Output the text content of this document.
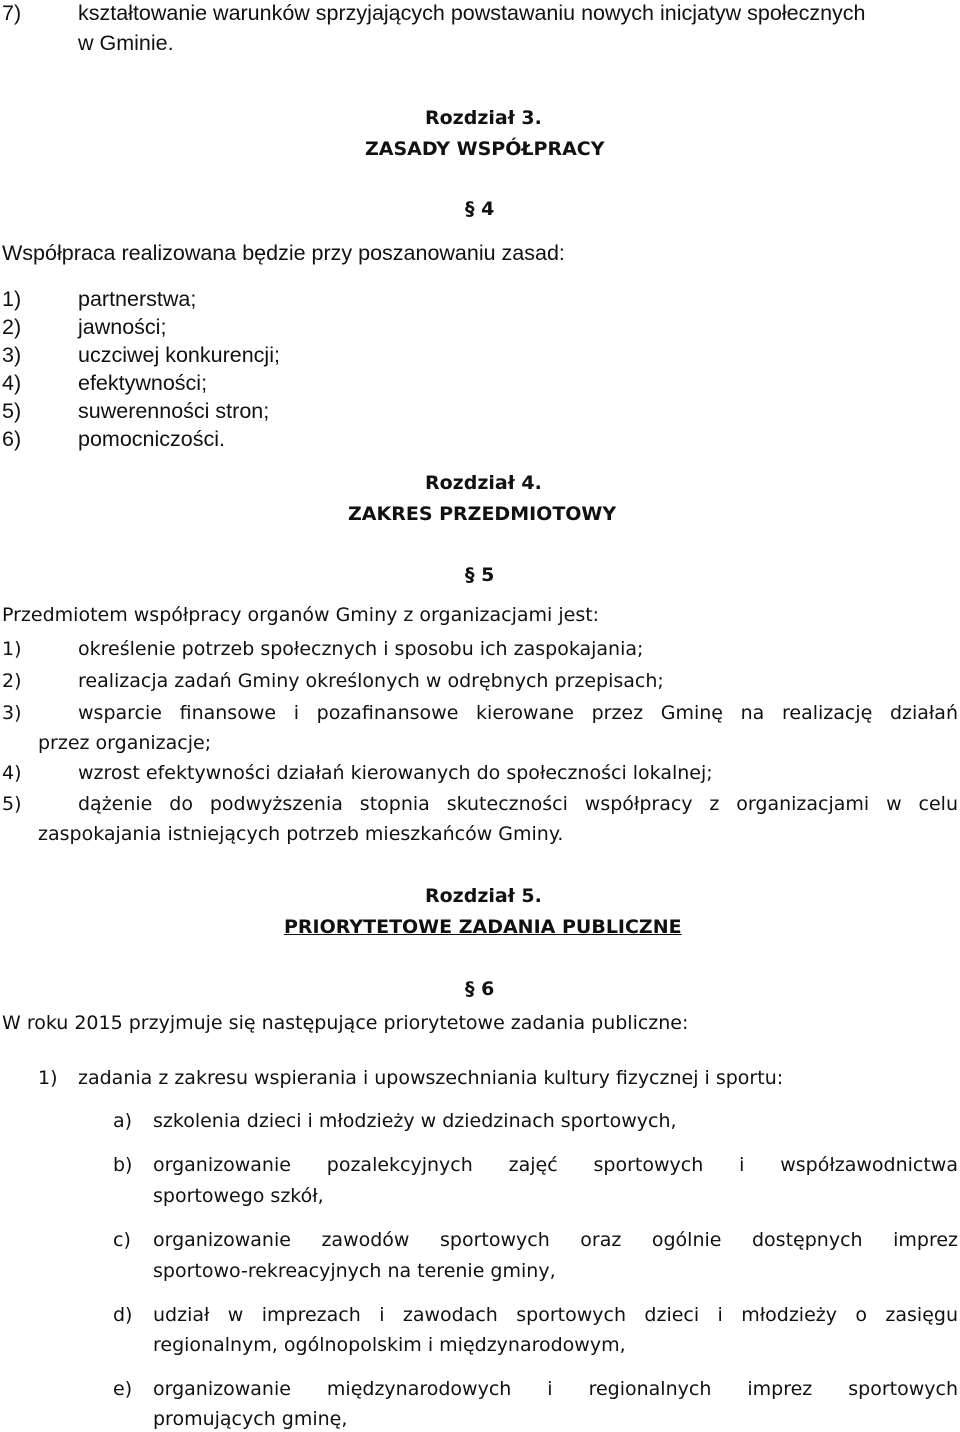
7)	kształtowanie warunków sprzyjających powstawaniu nowych inicjatyw społecznych
w Gminie.
Rozdział 3.
ZASADY WSPÓŁPRACY
§ 4
Współpraca realizowana będzie przy poszanowaniu zasad:
1)	partnerstwa;
2)	jawności;
3)	uczciwej konkurencji;
4)	efektywności;
5)	suwerenności stron;
6)	pomocniczości.
Rozdział 4.
ZAKRES PRZEDMIOTOWY
§ 5
Przedmiotem współpracy organów Gminy z organizacjami jest:
1)	określenie potrzeb społecznych i sposobu ich zaspokajania;
2)	realizacja zadań Gminy określonych w odrębnych przepisach;
3)	wsparcie finansowe i pozafinansowe kierowane przez Gminę na realizację działań
przez organizacje;
4)	wzrost efektywności działań kierowanych do społeczności lokalnej;
5)	dążenie do podwyższenia stopnia skuteczności współpracy z organizacjami w celu
zaspokajania istniejących potrzeb mieszkańców Gminy.
Rozdział 5.
PRIORYTETOWE ZADANIA PUBLICZNE
§ 6
W roku 2015 przyjmuje się następujące priorytetowe zadania publiczne:
1) zadania z zakresu wspierania i upowszechniania kultury fizycznej i sportu:
a) szkolenia dzieci i młodzieży w dziedzinach sportowych,
b) organizowanie pozalekcyjnych zajęć sportowych i współzawodnictwa
sportowego szkół,
c) organizowanie zawodów sportowych oraz ogólnie dostępnych imprez
sportowo-rekreacyjnych na terenie gminy,
d) udział w imprezach i zawodach sportowych dzieci i młodzieży o zasięgu
regionalnym, ogólnopolskim i międzynarodowym,
e) organizowanie międzynarodowych i regionalnych imprez sportowych
promujących gminę,
